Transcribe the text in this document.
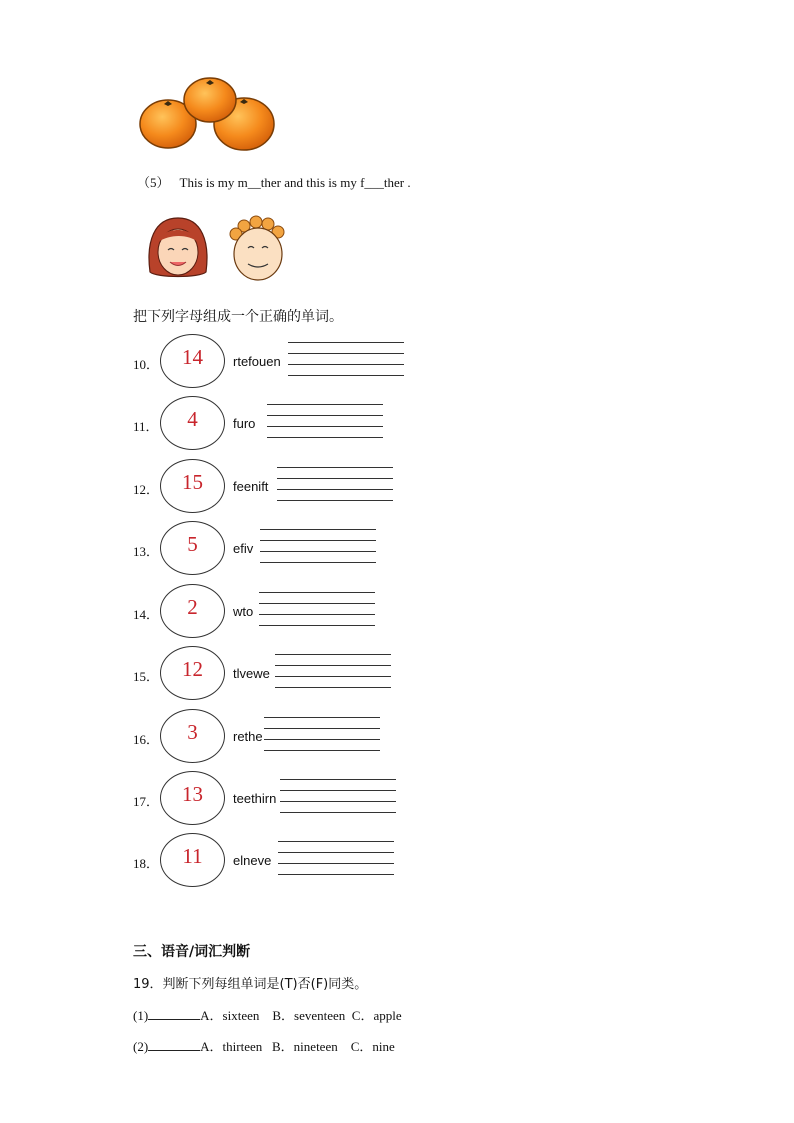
（5） This is my m__ther and this is my f___ther .
把下列字母组成一个正确的单词。
10．	14	rtefouen
11．	4	furo
12．	15	feenift
13．	5	efiv
14．	2	wto
15．	12	tlvewe
16．	3	rethe
17．	13	teethirn
18．	11	elneve
三、语音/词汇判断
19．判断下列每组单词是(T)否(F)同类。
(1)	A．sixteen    B．seventeen  C．apple
(2)	A．thirteen   B．nineteen    C．nine
